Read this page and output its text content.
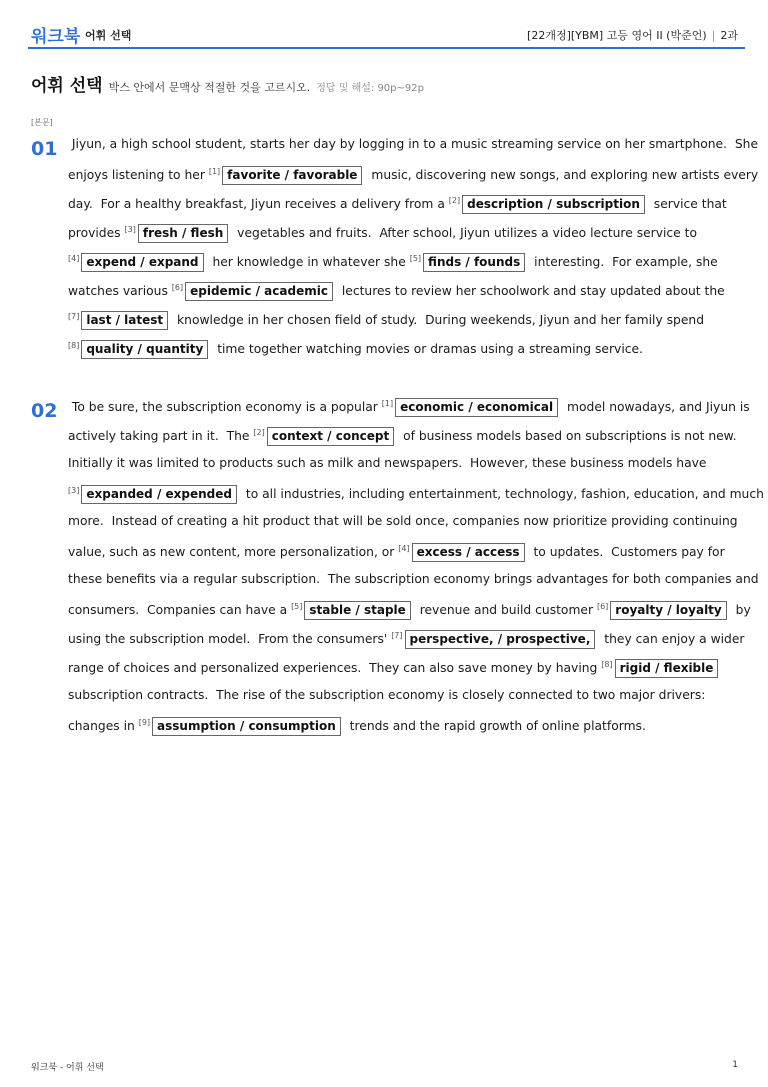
워크북 어휘 선택	[22개정][YBM] 고등 영어 II (박준언) | 2과
어휘 선택 박스 안에서 문맥상 적절한 것을 고르시오. 정답 및 해설: 90p~92p
[본문]
01 Jiyun, a high school student, starts her day by logging in to a music streaming service on her smartphone.  She
enjoys listening to her [1] favorite / favorable music, discovering new songs, and exploring new artists every
day.  For a healthy breakfast, Jiyun receives a delivery from a [2] description / subscription service that
provides [3] fresh / flesh vegetables and fruits.  After school, Jiyun utilizes a video lecture service to
[4] expend / expand her knowledge in whatever she [5] finds / founds interesting.  For example, she
watches various [6] epidemic / academic lectures to review her schoolwork and stay updated about the
[7] last / latest knowledge in her chosen field of study.  During weekends, Jiyun and her family spend
[8] quality / quantity time together watching movies or dramas using a streaming service.
02 To be sure, the subscription economy is a popular [1] economic / economical model nowadays, and Jiyun is
actively taking part in it.  The [2] context / concept of business models based on subscriptions is not new.
Initially it was limited to products such as milk and newspapers.  However, these business models have
[3] expanded / expended to all industries, including entertainment, technology, fashion, education, and much
more.  Instead of creating a hit product that will be sold once, companies now prioritize providing continuing
value, such as new content, more personalization, or [4] excess / access to updates.  Customers pay for
these benefits via a regular subscription.  The subscription economy brings advantages for both companies and
consumers.  Companies can have a [5] stable / staple revenue and build customer [6] royalty / loyalty by
using the subscription model.  From the consumers' [7] perspective, / prospective, they can enjoy a wider
range of choices and personalized experiences.  They can also save money by having [8] rigid / flexible
subscription contracts.  The rise of the subscription economy is closely connected to two major drivers:
changes in [9] assumption / consumption trends and the rapid growth of online platforms.
워크북 - 어휘 선택	1
